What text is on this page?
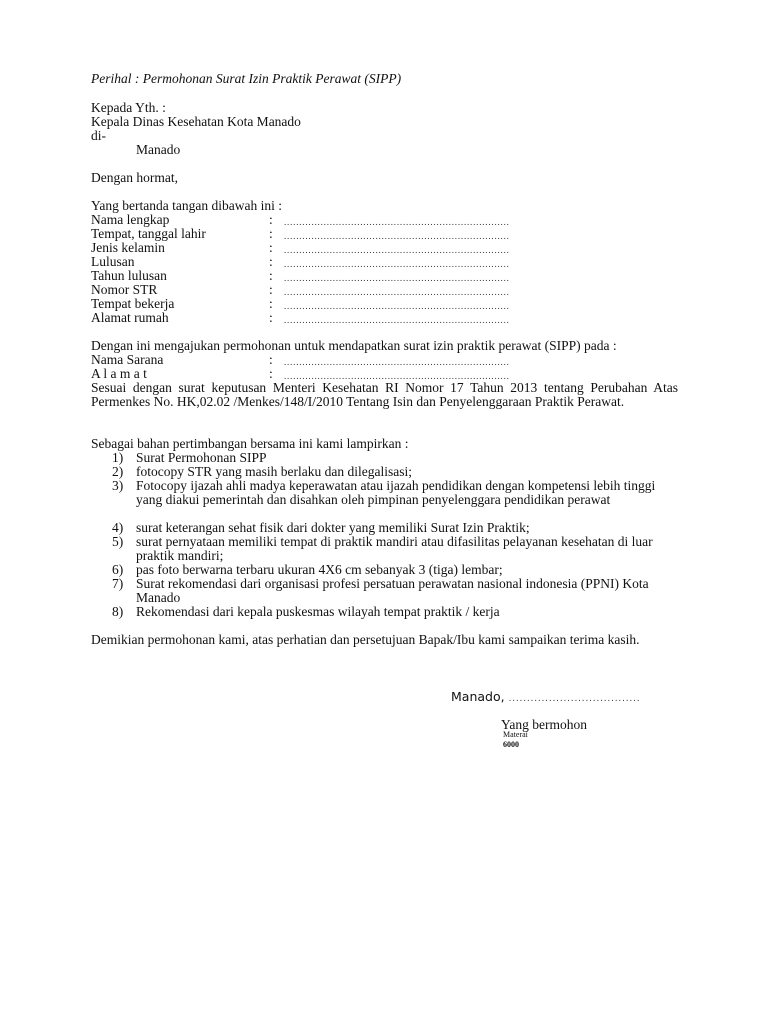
Perihal : Permohonan Surat Izin Praktik Perawat (SIPP)
Kepada Yth. :
Kepala Dinas Kesehatan Kota Manado
di-
Manado
Dengan hormat,
Yang bertanda tangan dibawah ini :
Nama lengkap	: ..........................................................................
Tempat, tanggal lahir	: ..........................................................................
Jenis kelamin	: ..........................................................................
Lulusan	: ..........................................................................
Tahun lulusan	: ..........................................................................
Nomor STR	: ..........................................................................
Tempat bekerja	: ..........................................................................
Alamat rumah	: ..........................................................................
Dengan ini mengajukan permohonan untuk mendapatkan surat izin praktik perawat (SIPP) pada :
Nama Sarana	: ..........................................................................
A l a m a t	: ..........................................................................
Sesuai dengan surat keputusan Menteri Kesehatan RI Nomor 17 Tahun 2013 tentang Perubahan Atas Permenkes No. HK,02.02 /Menkes/148/I/2010 Tentang Isin dan Penyelenggaraan Praktik Perawat.
Sebagai bahan pertimbangan bersama ini kami lampirkan :
1) Surat Permohonan SIPP
2) fotocopy STR yang masih berlaku dan dilegalisasi;
3) Fotocopy ijazah ahli madya keperawatan atau ijazah pendidikan dengan kompetensi lebih tinggi yang diakui pemerintah dan disahkan oleh pimpinan penyelenggara pendidikan perawat
4) surat keterangan sehat fisik dari dokter yang memiliki Surat Izin Praktik;
5) surat pernyataan memiliki tempat di praktik mandiri atau difasilitas pelayanan kesehatan di luar praktik mandiri;
6) pas foto berwarna terbaru ukuran 4X6 cm sebanyak 3 (tiga) lembar;
7) Surat rekomendasi dari organisasi profesi persatuan perawatan nasional indonesia (PPNI) Kota Manado
8) Rekomendasi dari kepala puskesmas wilayah tempat praktik / kerja
Demikian permohonan kami, atas perhatian dan persetujuan Bapak/Ibu kami sampaikan terima kasih.
Manado, ....................................
Yang bermohon
Materai
6000
